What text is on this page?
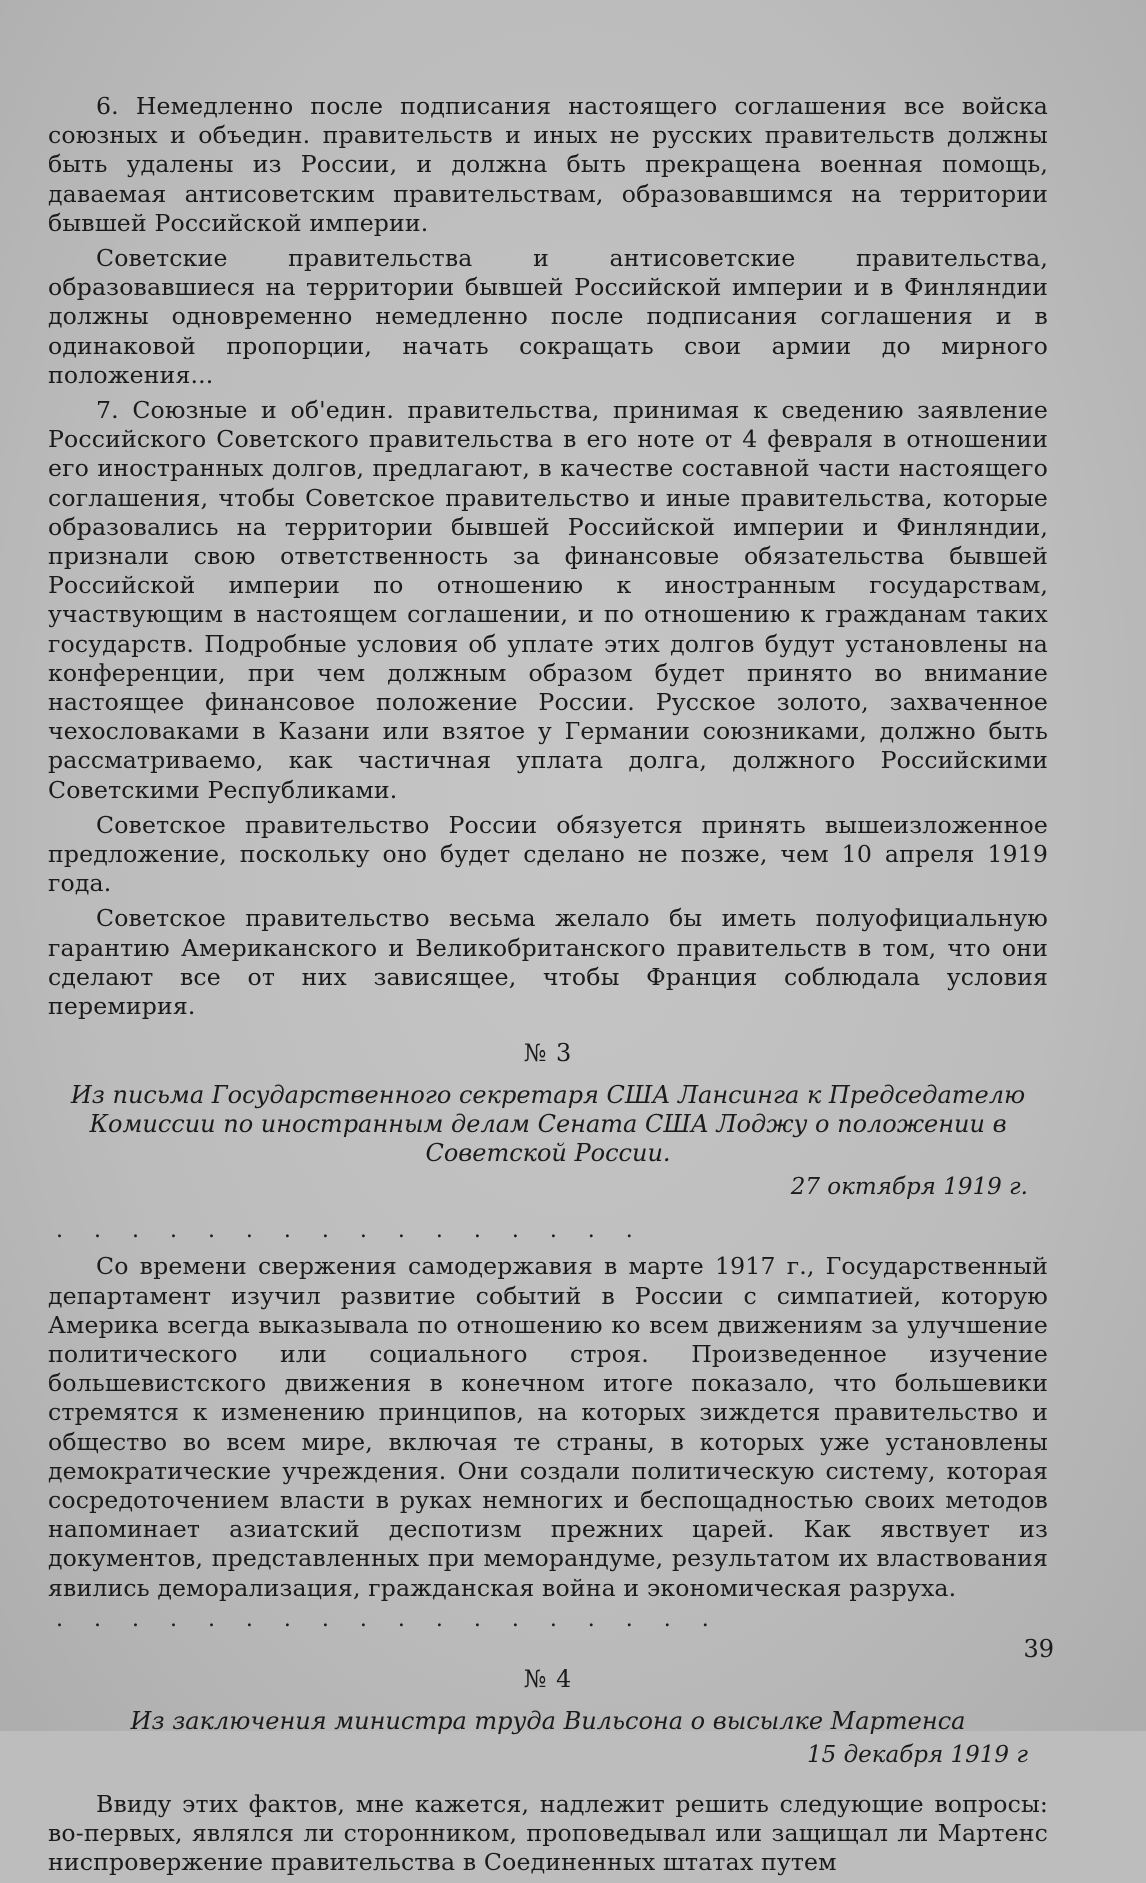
6. Немедленно после подписания настоящего соглашения все войска союзных и объедин. правительств и иных не русских правительств должны быть удалены из России, и должна быть прекращена военная помощь, даваемая антисоветским правительствам, образовавшимся на территории бывшей Российской империи.

Советские правительства и антисоветские правительства, образовавшиеся на территории бывшей Российской империи и в Финляндии должны одновременно немедленно после подписания соглашения и в одинаковой пропорции, начать сокращать свои армии до мирного положения...

7. Союзные и об'един. правительства, принимая к сведению заявление Российского Советского правительства в его ноте от 4 февраля в отношении его иностранных долгов, предлагают, в качестве составной части настоящего соглашения, чтобы Советское правительство и иные правительства, которые образовались на территории бывшей Российской империи и Финляндии, признали свою ответственность за финансовые обязательства бывшей Российской империи по отношению к иностранным государствам, участвующим в настоящем соглашении, и по отношению к гражданам таких государств. Подробные условия об уплате этих долгов будут установлены на конференции, при чем должным образом будет принято во внимание настоящее финансовое положение России. Русское золото, захваченное чехословаками в Казани или взятое у Германии союзниками, должно быть рассматриваемо, как частичная уплата долга, должного Российскими Советскими Республиками.

Советское правительство России обязуется принять вышеизложенное предложение, поскольку оно будет сделано не позже, чем 10 апреля 1919 года.

Советское правительство весьма желало бы иметь полуофициальную гарантию Американского и Великобританского правительств в том, что они сделают все от них зависящее, чтобы Франция соблюдала условия перемирия.

№ 3
Из письма Государственного секретаря США Лансинга к Председателю Комиссии по иностранным делам Сената США Лоджу о положении в Советской России.
27 октября 1919 г.
. . . . . . . . . . . . . . . .

Со времени свержения самодержавия в марте 1917 г., Государственный департамент изучил развитие событий в России с симпатией, которую Америка всегда выказывала по отношению ко всем движениям за улучшение политического или социального строя. Произведенное изучение большевистского движения в конечном итоге показало, что большевики стремятся к изменению принципов, на которых зиждется правительство и общество во всем мире, включая те страны, в которых уже установлены демократические учреждения. Они создали политическую систему, которая сосредоточением власти в руках немногих и беспощадностью своих методов напоминает азиатский деспотизм прежних царей. Как явствует из документов, представленных при меморандуме, результатом их властвования явились деморализация, гражданская война и экономическая разруха.

. . . . . . . . . . . . . . . . . .
№ 4
Из заключения министра труда Вильсона о высылке Мартенса
15 декабря 1919 г

Ввиду этих фактов, мне кажется, надлежит решить следующие вопросы: во-первых, являлся ли сторонником, проповедывал или защищал ли Мартенс ниспровержение правительства в Соединенных штатах путем

39
